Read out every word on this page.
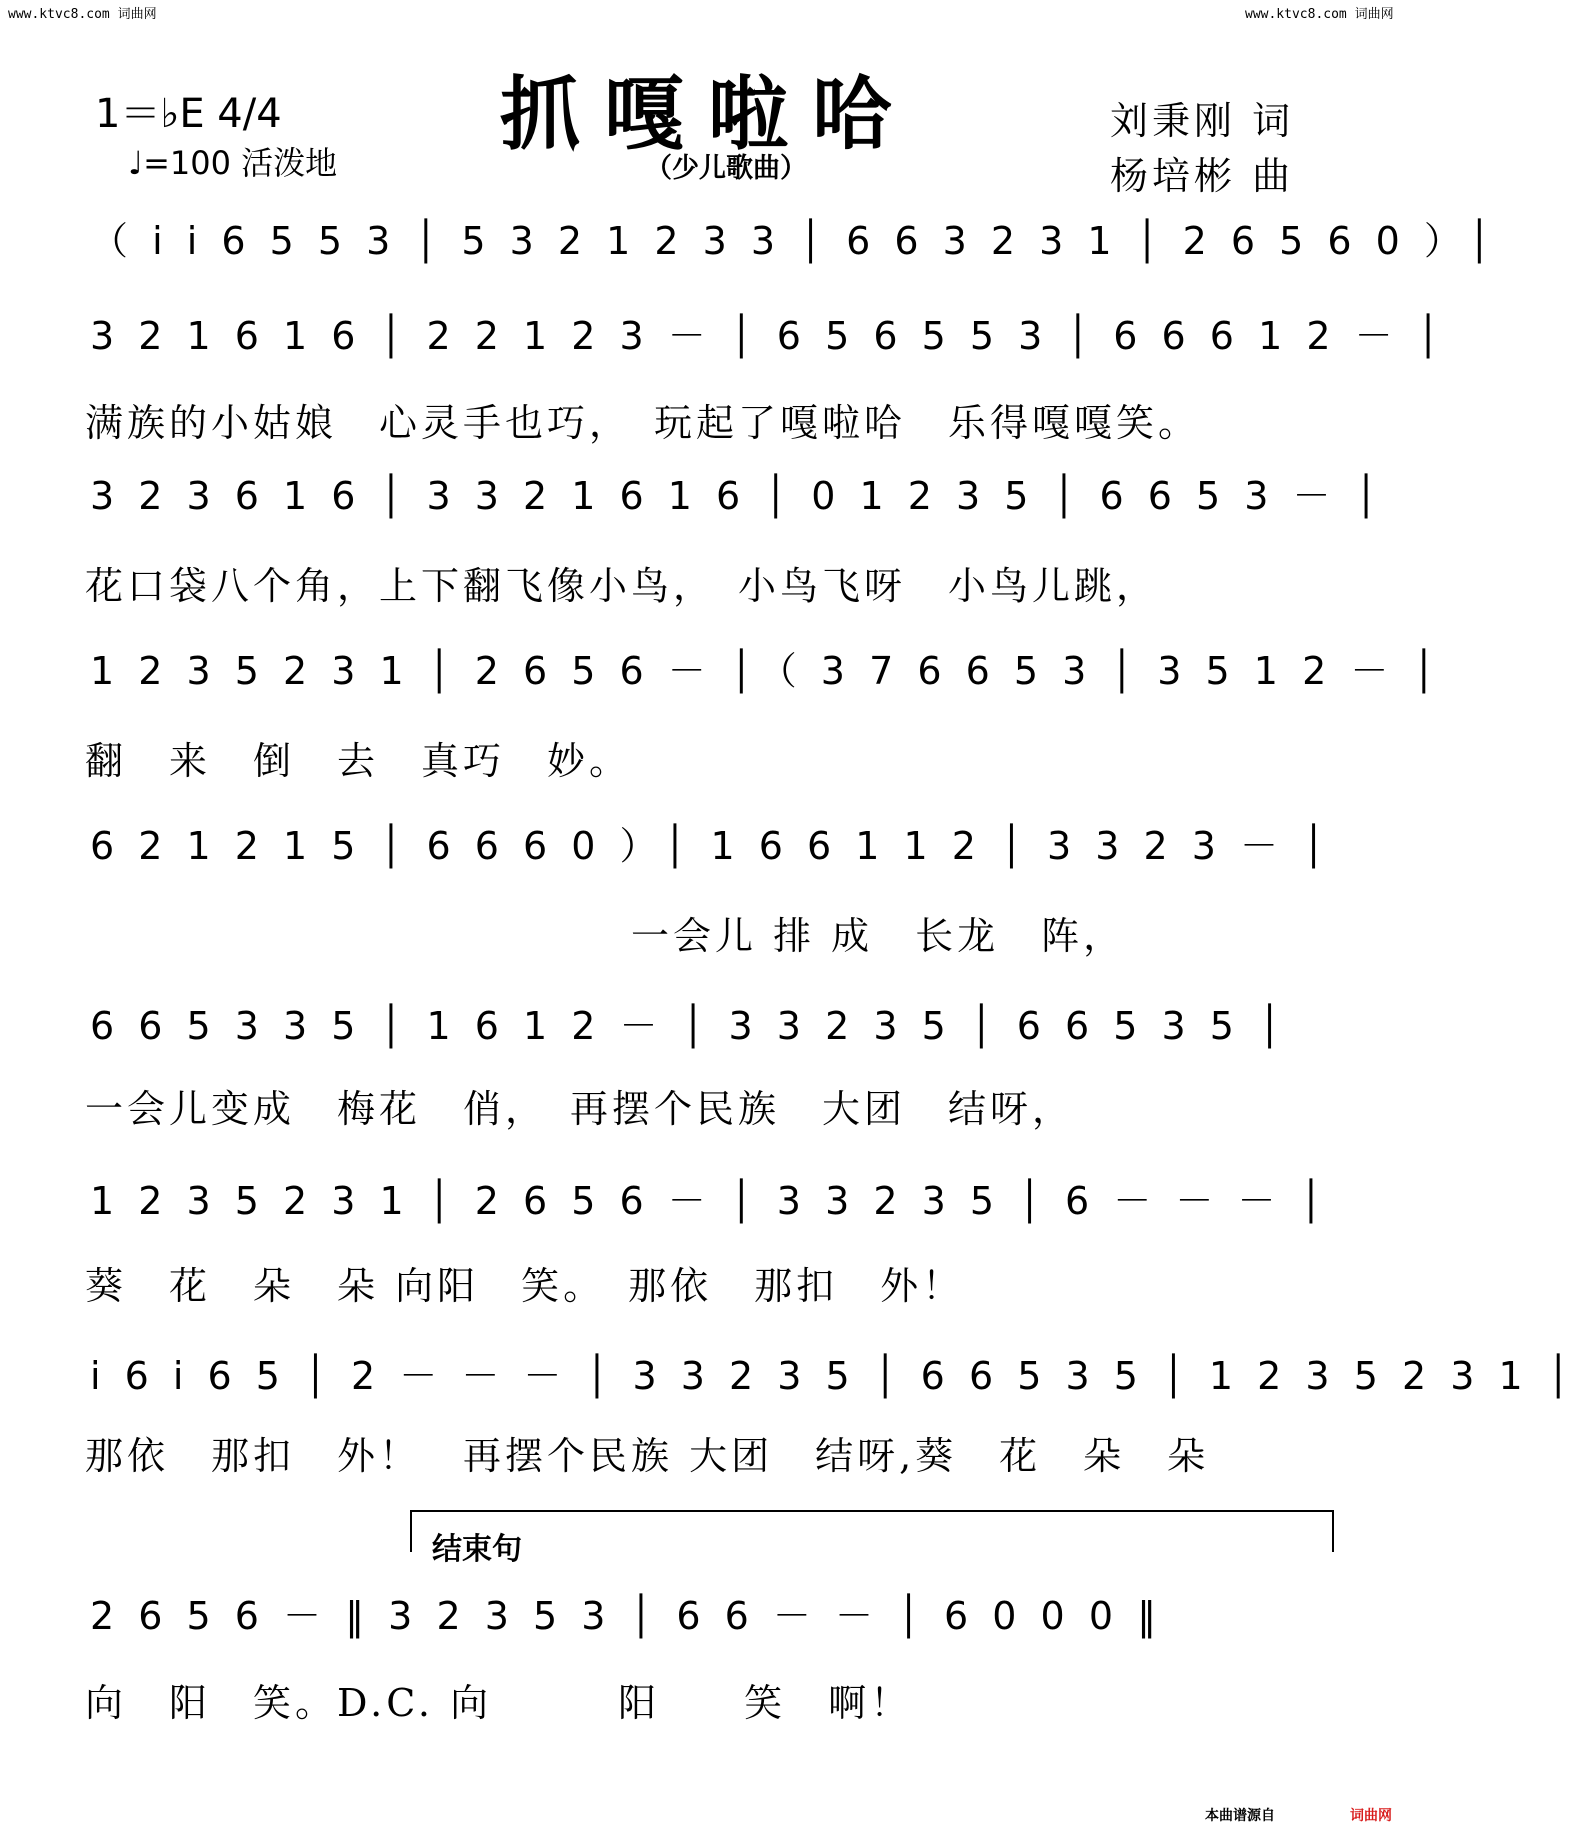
www.ktvc8.com 词曲网	www.ktvc8.com 词曲网
1＝♭E 4/4
♩=100 活泼地
抓嘎啦哈
（少儿歌曲）
刘秉刚 词
杨培彬 曲
（ i i 6 5 5 3 │ 5 3 2 1 2 3 3 │ 6 6 3 2 3 1 │ 2 6 5 6 0 ）│
3 2 1 6 1 6 │ 2 2 1 2 3 － │ 6 5 6 5 5 3 │ 6 6 6 1 2 － │
满族的小姑娘　心灵手也巧，　玩起了嘎啦哈　乐得嘎嘎笑。
3 2 3 6 1 6 │ 3 3 2 1 6 1 6 │ 0 1 2 3 5 │ 6 6 5 3 － │
花口袋八个角，上下翻飞像小鸟，　小鸟飞呀　小鸟儿跳，
1 2 3 5 2 3 1 │ 2 6 5 6 － │（ 3 7 6 6 5 3 │ 3 5 1 2 － │
翻　来　倒　去　真巧　妙。
6 2 1 2 1 5 │ 6 6 6 0 ）│ 1 6 6 1 1 2 │ 3 3 2 3 － │
　　　　　　　　　　　　　一会儿 排 成　长龙　阵，
6 6 5 3 3 5 │ 1 6 1 2 － │ 3 3 2 3 5 │ 6 6 5 3 5 │
一会儿变成　梅花　俏，　再摆个民族　大团　结呀，
1 2 3 5 2 3 1 │ 2 6 5 6 － │ 3 3 2 3 5 │ 6 － － － │
葵　花　朵　朵 向阳　笑。　那依　那扣　外！
i 6 i 6 5 │ 2 － － － │ 3 3 2 3 5 │ 6 6 5 3 5 │ 1 2 3 5 2 3 1 │
那依　那扣　外！　再摆个民族 大团　结呀,葵　花　朵　朵
2 6 5 6 － ‖ 3 2 3 5 3 │ 6 6 － － │ 6 0 0 0 ‖
向　阳　笑。D.C. 向　　　阳　　笑　啊！
结束句
本曲谱源自	词曲网
